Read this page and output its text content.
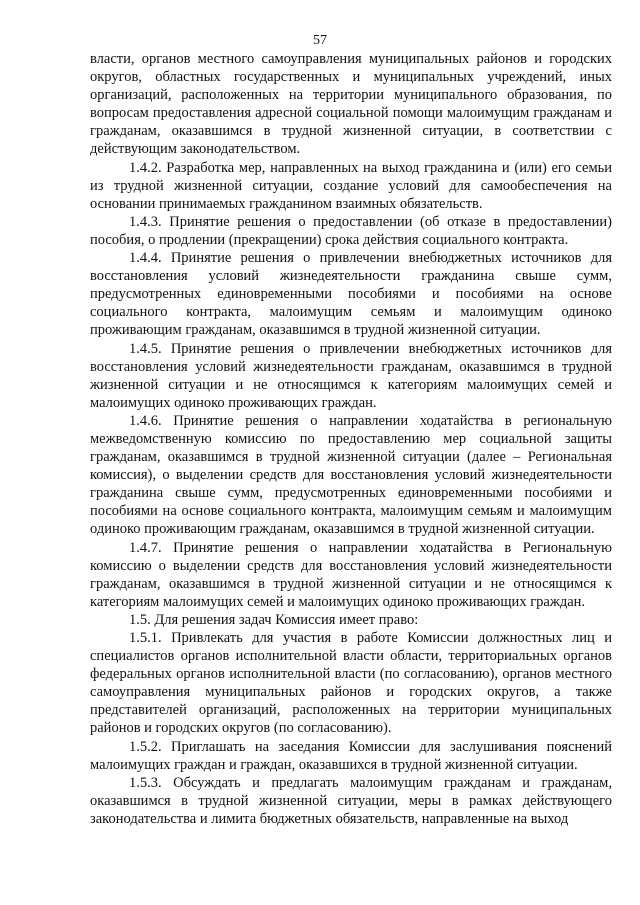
57

власти, органов местного самоуправления муниципальных районов и городских округов, областных государственных и муниципальных учреждений, иных организаций, расположенных на территории муниципального образования, по вопросам предоставления адресной социальной помощи малоимущим гражданам и гражданам, оказавшимся в трудной жизненной ситуации, в соответствии с действующим законодательством.

1.4.2. Разработка мер, направленных на выход гражданина и (или) его семьи из трудной жизненной ситуации, создание условий для самообеспечения на основании принимаемых гражданином взаимных обязательств.

1.4.3. Принятие решения о предоставлении (об отказе в предоставлении) пособия, о продлении (прекращении) срока действия социального контракта.

1.4.4. Принятие решения о привлечении внебюджетных источников для восстановления условий жизнедеятельности гражданина свыше сумм, предусмотренных единовременными пособиями и пособиями на основе социального контракта, малоимущим семьям и малоимущим одиноко проживающим гражданам, оказавшимся в трудной жизненной ситуации.

1.4.5. Принятие решения о привлечении внебюджетных источников для восстановления условий жизнедеятельности гражданам, оказавшимся в трудной жизненной ситуации и не относящимся к категориям малоимущих семей и малоимущих одиноко проживающих граждан.

1.4.6. Принятие решения о направлении ходатайства в региональную межведомственную комиссию по предоставлению мер социальной защиты гражданам, оказавшимся в трудной жизненной ситуации (далее – Региональная комиссия), о выделении средств для восстановления условий жизнедеятельности гражданина свыше сумм, предусмотренных единовременными пособиями и пособиями на основе социального контракта, малоимущим семьям и малоимущим одиноко проживающим гражданам, оказавшимся в трудной жизненной ситуации.

1.4.7. Принятие решения о направлении ходатайства в Региональную комиссию о выделении средств для восстановления условий жизнедеятельности гражданам, оказавшимся в трудной жизненной ситуации и не относящимся к категориям малоимущих семей и малоимущих одиноко проживающих граждан.

1.5. Для решения задач Комиссия имеет право:

1.5.1. Привлекать для участия в работе Комиссии должностных лиц и специалистов органов исполнительной власти области, территориальных органов федеральных органов исполнительной власти (по согласованию), органов местного самоуправления муниципальных районов и городских округов, а также представителей организаций, расположенных на территории муниципальных районов и городских округов (по согласованию).

1.5.2. Приглашать на заседания Комиссии для заслушивания пояснений малоимущих граждан и граждан, оказавшихся в трудной жизненной ситуации.

1.5.3. Обсуждать и предлагать малоимущим гражданам и гражданам, оказавшимся в трудной жизненной ситуации, меры в рамках действующего законодательства и лимита бюджетных обязательств, направленные на выход
